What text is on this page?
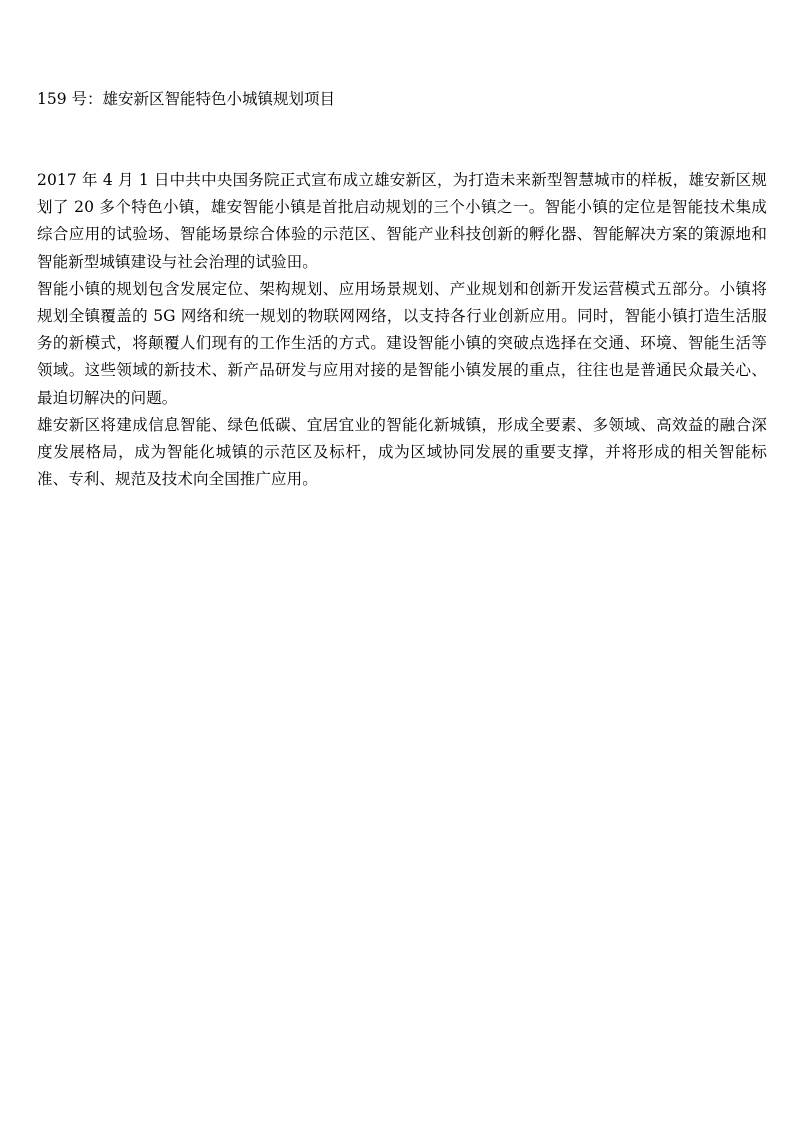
159 号：雄安新区智能特色小城镇规划项目

2017 年 4 月 1 日中共中央国务院正式宣布成立雄安新区，为打造未来新型智慧城市的样板，雄安新区规划了 20 多个特色小镇，雄安智能小镇是首批启动规划的三个小镇之一。智能小镇的定位是智能技术集成综合应用的试验场、智能场景综合体验的示范区、智能产业科技创新的孵化器、智能解决方案的策源地和智能新型城镇建设与社会治理的试验田。

智能小镇的规划包含发展定位、架构规划、应用场景规划、产业规划和创新开发运营模式五部分。小镇将规划全镇覆盖的 5G 网络和统一规划的物联网网络，以支持各行业创新应用。同时，智能小镇打造生活服务的新模式，将颠覆人们现有的工作生活的方式。建设智能小镇的突破点选择在交通、环境、智能生活等领域。这些领域的新技术、新产品研发与应用对接的是智能小镇发展的重点，往往也是普通民众最关心、最迫切解决的问题。

雄安新区将建成信息智能、绿色低碳、宜居宜业的智能化新城镇，形成全要素、多领域、高效益的融合深度发展格局，成为智能化城镇的示范区及标杆，成为区域协同发展的重要支撑，并将形成的相关智能标准、专利、规范及技术向全国推广应用。
